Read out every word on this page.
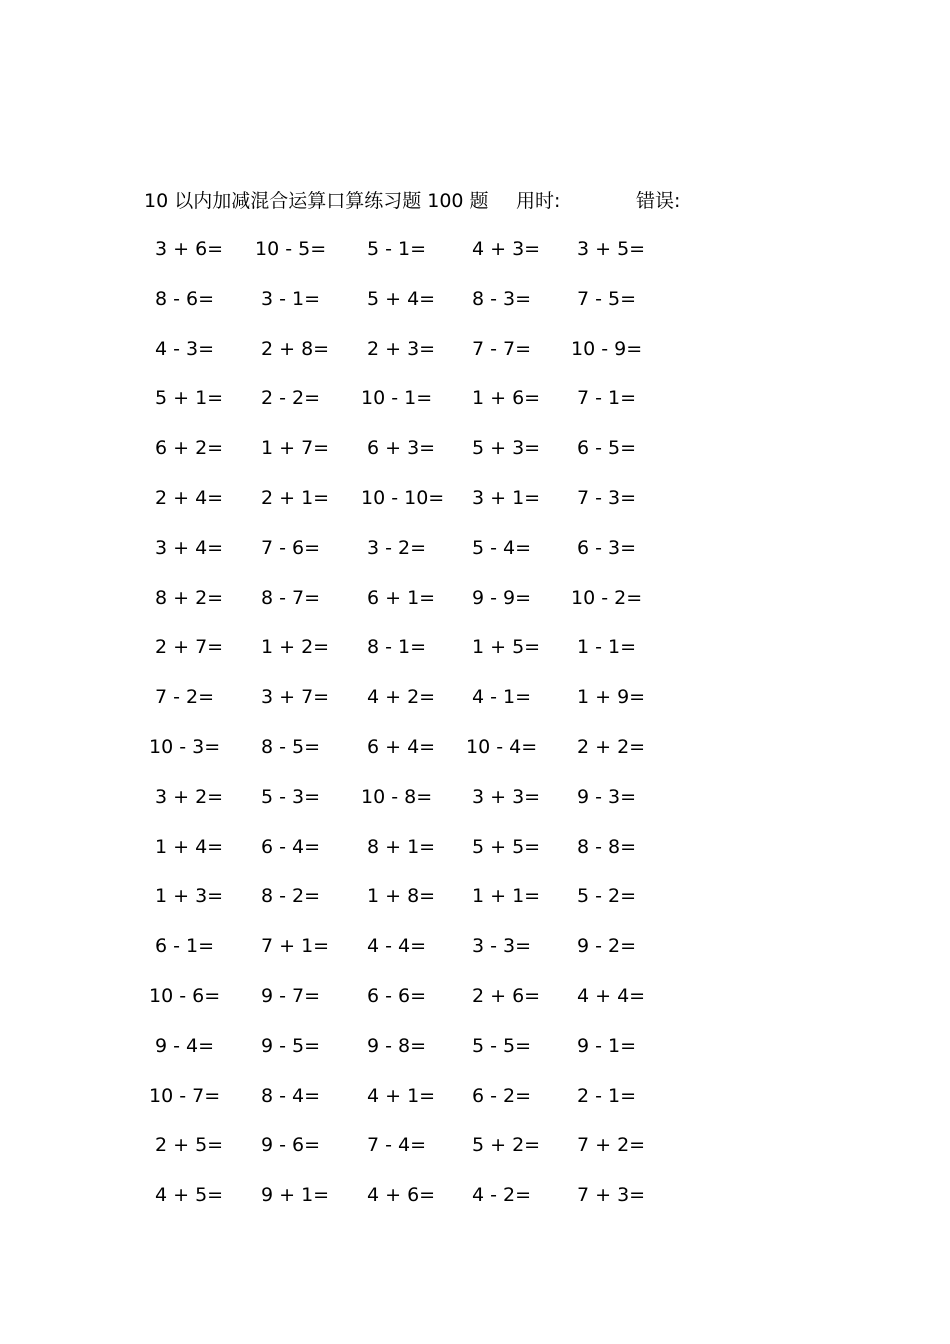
10 以内加减混合运算口算练习题 100 题 用时:	错误:
3 + 6= 10 - 5= 5 - 1= 4 + 3= 3 + 5=
8 - 6= 3 - 1= 5 + 4= 8 - 3= 7 - 5=
4 - 3= 2 + 8= 2 + 3= 7 - 7= 10 - 9=
5 + 1= 2 - 2= 10 - 1= 1 + 6= 7 - 1=
6 + 2= 1 + 7= 6 + 3= 5 + 3= 6 - 5=
2 + 4= 2 + 1= 10 - 10= 3 + 1= 7 - 3=
3 + 4= 7 - 6= 3 - 2= 5 - 4= 6 - 3=
8 + 2= 8 - 7= 6 + 1= 9 - 9= 10 - 2=
2 + 7= 1 + 2= 8 - 1= 1 + 5= 1 - 1=
7 - 2= 3 + 7= 4 + 2= 4 - 1= 1 + 9=
10 - 3= 8 - 5= 6 + 4= 10 - 4= 2 + 2=
3 + 2= 5 - 3= 10 - 8= 3 + 3= 9 - 3=
1 + 4= 6 - 4= 8 + 1= 5 + 5= 8 - 8=
1 + 3= 8 - 2= 1 + 8= 1 + 1= 5 - 2=
6 - 1= 7 + 1= 4 - 4= 3 - 3= 9 - 2=
10 - 6= 9 - 7= 6 - 6= 2 + 6= 4 + 4=
9 - 4= 9 - 5= 9 - 8= 5 - 5= 9 - 1=
10 - 7= 8 - 4= 4 + 1= 6 - 2= 2 - 1=
2 + 5= 9 - 6= 7 - 4= 5 + 2= 7 + 2=
4 + 5= 9 + 1= 4 + 6= 4 - 2= 7 + 3=
